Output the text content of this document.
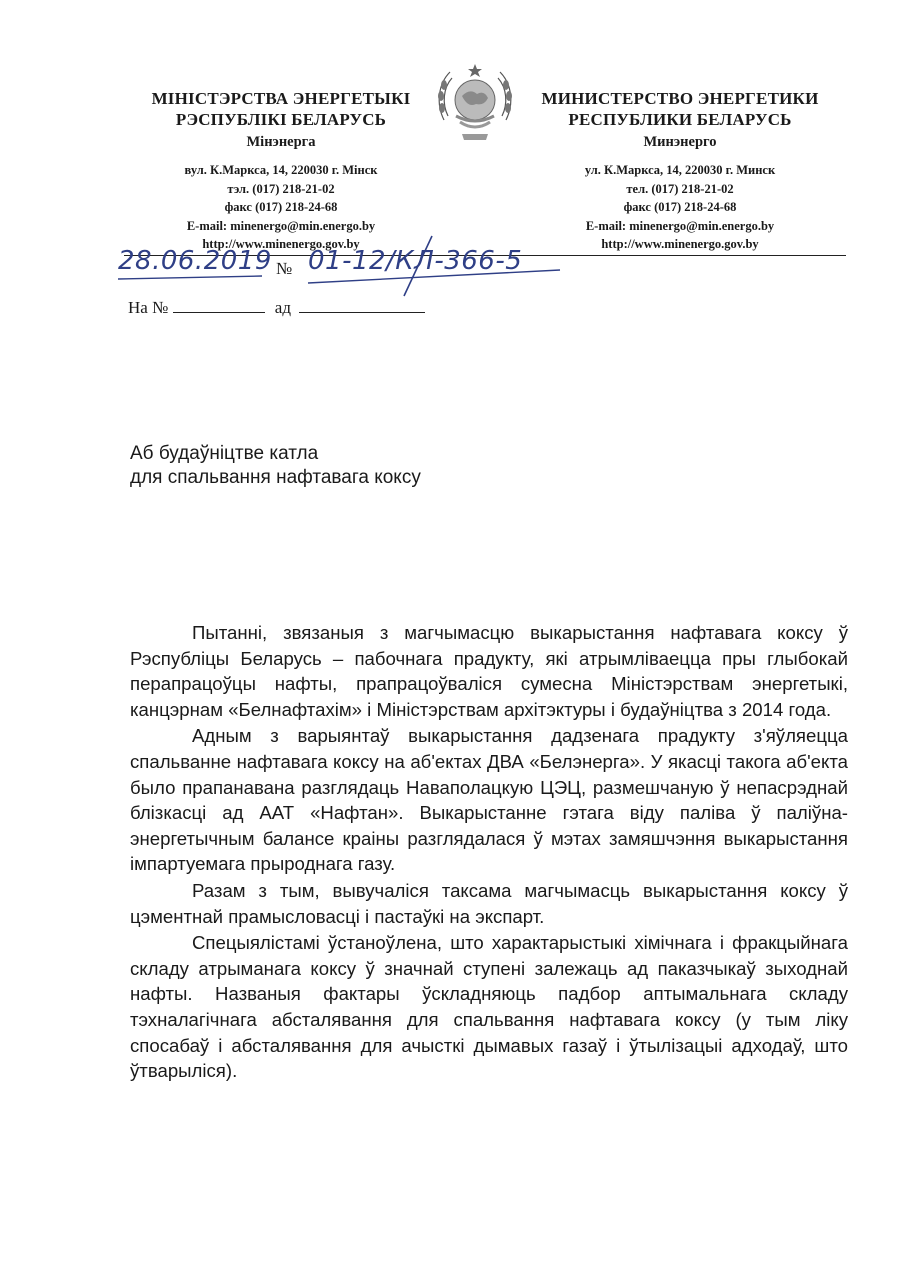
МІНІСТЭРСТВА ЭНЕРГЕТЫКІ
РЭСПУБЛІКІ БЕЛАРУСЬ
Мінэнерга
вул. К.Маркса, 14, 220030 г. Мінск
тэл. (017) 218-21-02
факс (017) 218-24-68
E-mail: minenergo@min.energo.by
http://www.minenergo.gov.by
МИНИСТЕРСТВО ЭНЕРГЕТИКИ
РЕСПУБЛИКИ БЕЛАРУСЬ
Минэнерго
ул. К.Маркса, 14, 220030 г. Минск
тел. (017) 218-21-02
факс (017) 218-24-68
E-mail: minenergo@min.energo.by
http://www.minenergo.gov.by
28.06.2019 № 01-12/КЛ-366-5
На №	ад
Аб будаўніцтве катла
для спальвання нафтавага коксу

Пытанні, звязаныя з магчымасцю выкарыстання нафтавага коксу ў Рэспубліцы Беларусь – пабочнага прадукту, які атрымліваецца пры глыбокай перапрацоўцы нафты, прапрацоўваліся сумесна Міністэрствам энергетыкі, канцэрнам «Белнафтахім» і Міністэрствам архітэктуры і будаўніцтва з 2014 года.

Адным з варыянтаў выкарыстання дадзенага прадукту з'яўляецца спальванне нафтавага коксу на аб'ектах ДВА «Белэнерга». У якасці такога аб'екта было прапанавана разглядаць Наваполацкую ЦЭЦ, размешчаную ў непасрэднай блізкасці ад ААТ «Нафтан». Выкарыстанне гэтага віду паліва ў паліўна-энергетычным балансе краіны разглядалася ў мэтах замяшчэння выкарыстання імпартуемага прыроднага газу.

Разам з тым, вывучаліся таксама магчымасць выкарыстання коксу ў цэментнай прамысловасці і пастаўкі на экспарт.

Спецыялістамі ўстаноўлена, што характарыстыкі хімічнага і фракцыйнага складу атрыманага коксу ў значнай ступені залежаць ад паказчыкаў зыходнай нафты. Названыя фактары ўскладняюць падбор аптымальнага складу тэхналагічнага абсталявання для спальвання нафтавага коксу (у тым ліку спосабаў і абсталявання для ачысткі дымавых газаў і ўтылізацыі адходаў, што ўтварыліся).
